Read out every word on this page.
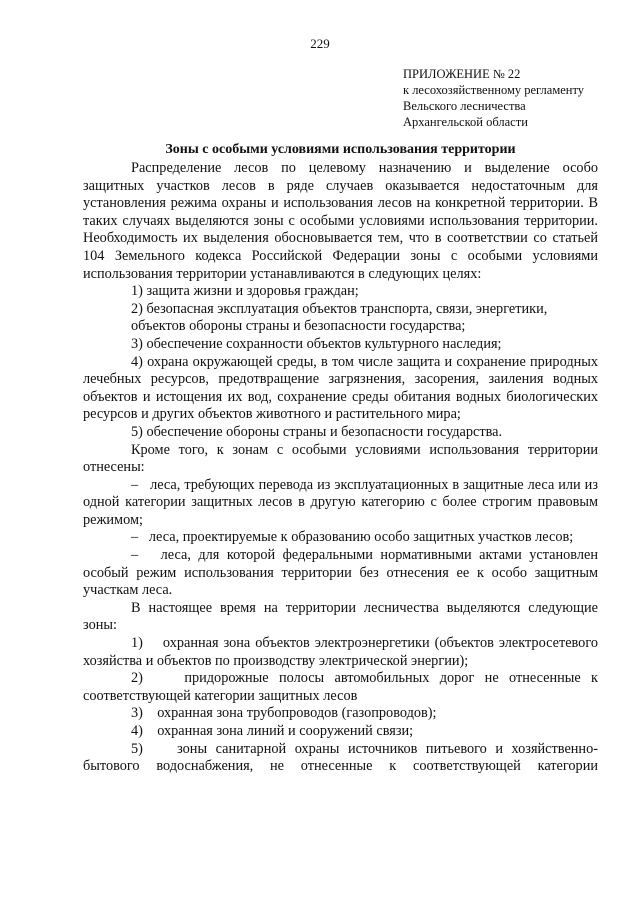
229
ПРИЛОЖЕНИЕ № 22
к лесохозяйственному регламенту
Вельского лесничества
Архангельской области
Зоны с особыми условиями использования территории

Распределение лесов по целевому назначению и выделение особо защитных участков лесов в ряде случаев оказывается недостаточным для установления режима охраны и использования лесов на конкретной территории. В таких случаях выделяются зоны с особыми условиями использования территории. Необходимость их выделения обосновывается тем, что в соответствии со статьей 104 Земельного кодекса Российской Федерации зоны с особыми условиями использования территории устанавливаются в следующих целях:

1) защита жизни и здоровья граждан;

2) безопасная эксплуатация объектов транспорта, связи, энергетики,

объектов обороны страны и безопасности государства;

3) обеспечение сохранности объектов культурного наследия;

4) охрана окружающей среды, в том числе защита и сохранение природных лечебных ресурсов, предотвращение загрязнения, засорения, заиления водных объектов и истощения их вод, сохранение среды обитания водных биологических ресурсов и других объектов животного и растительного мира;

5) обеспечение обороны страны и безопасности государства.

Кроме того, к зонам с особыми условиями использования территории отнесены:

–   леса, требующих перевода из эксплуатационных в защитные леса или из одной категории защитных лесов в другую категорию с более строгим правовым режимом;

–   леса, проектируемые к образованию особо защитных участков лесов;

–   леса, для которой федеральными нормативными актами установлен особый режим использования территории без отнесения ее к особо защитным участкам леса.

В настоящее время на территории лесничества выделяются следующие зоны:

1)    охранная зона объектов электроэнергетики (объектов электросетевого хозяйства и объектов по производству электрической энергии);

2)    придорожные полосы автомобильных дорог не отнесенные к соответствующей категории защитных лесов

3)    охранная зона трубопроводов (газопроводов);

4)    охранная зона линий и сооружений связи;

5)    зоны санитарной охраны источников питьевого и хозяйственно-бытового водоснабжения, не отнесенные к соответствующей категории
